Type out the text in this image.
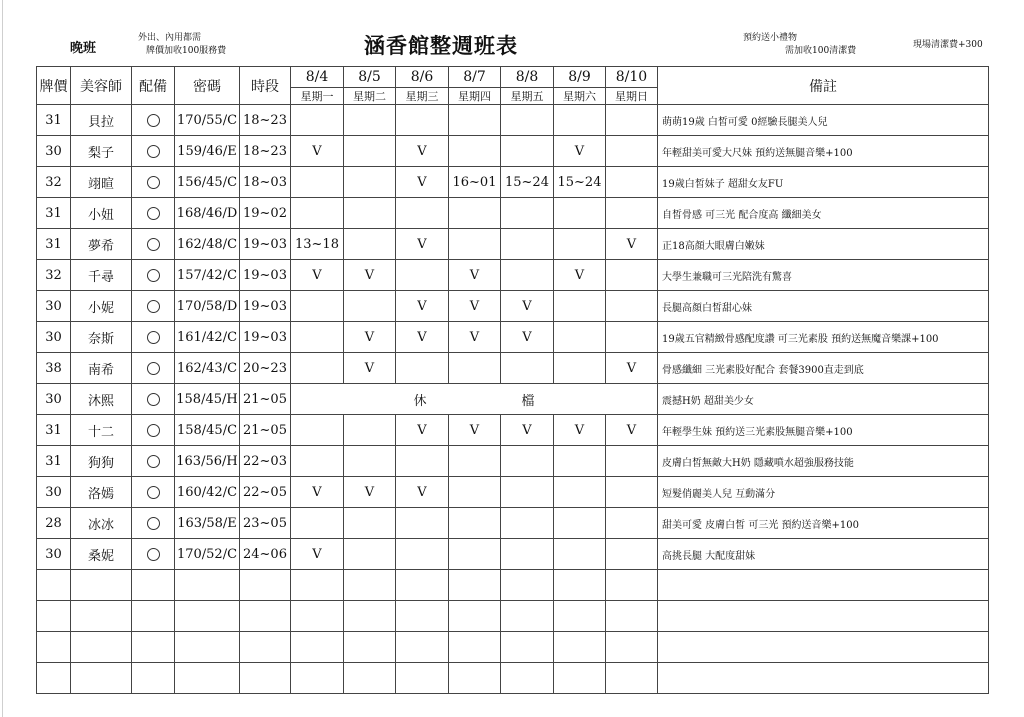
晚班
外出、內用都需
牌價加收100服務費	涵香館整週班表	預約送小禮物
需加收100清潔費
現場清潔費+300
牌價	美容師	配備	密碼	時段	8/4	8/5	8/6	8/7	8/8	8/9	8/10	備註
					星期一	星期二	星期三	星期四	星期五	星期六	星期日	
31	貝拉		170/55/C	18~23								萌萌19歲 白皙可愛 0經驗長腿美人兒
30	梨子		159/46/E	18~23	V		V			V		年輕甜美可愛大尺妹 預約送無腿音樂+100
32	翊暄		156/45/C	18~03			V	16~01	15~24	15~24		19歲白皙妹子 超甜女友FU
31	小妞		168/46/D	19~02								自皙骨感 可三光 配合度高 纖細美女
31	夢希		162/48/C	19~03	13~18		V				V	正18高顏大眼膚白嫩妹
32	千尋		157/42/C	19~03	V	V		V		V		大學生兼職可三光陪洗有驚喜
30	小妮		170/58/D	19~03			V	V	V			長腿高顏白皙甜心妹
30	奈斯		161/42/C	19~03		V	V	V	V			19歲五官精緻骨感配度讚 可三光素股 預約送無魔音樂課+100
38	南希		162/43/C	20~23		V					V	骨感纖細 三光素股好配合 套餐3900直走到底
30	沐熙		158/45/H	21~05	休 檔							震撼H奶 超甜美少女
31	十二		158/45/C	21~05			V	V	V	V	V	年輕學生妹 預約送三光素股無腿音樂+100
31	狗狗		163/56/H	22~03								皮膚白皙無敵大H奶 隱藏噴水超強服務技能
30	洛嫣		160/42/C	22~05	V	V	V					短髮俏麗美人兒 互動滿分
28	冰冰		163/58/E	23~05								甜美可愛 皮膚白皙 可三光 預約送音樂+100
30	桑妮		170/52/C	24~06	V							高挑長腿 大配度甜妹
